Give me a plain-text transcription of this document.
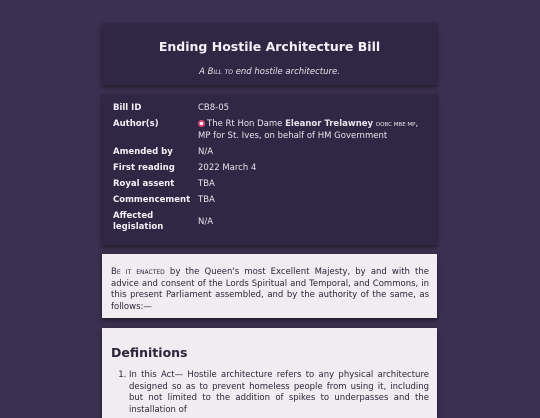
Ending Hostile Architecture Bill
A Bill to end hostile architecture.
Bill ID	CB8-05
Author(s)	The Rt Hon Dame Eleanor Trelawney OOBC MBE MP, MP for St. Ives, on behalf of HM Government
Amended by	N/A
First reading	2022 March 4
Royal assent	TBA
Commencement	TBA
Affected legislation	N/A

Be it enacted by the Queen's most Excellent Majesty, by and with the advice and consent of the Lords Spiritual and Temporal, and Commons, in this present Parliament assembled, and by the authority of the same, as follows:—

Definitions
1. In this Act— Hostile architecture refers to any physical architecture designed so as to prevent homeless people from using it, including but not limited to the addition of spikes to underpasses and the installation of
